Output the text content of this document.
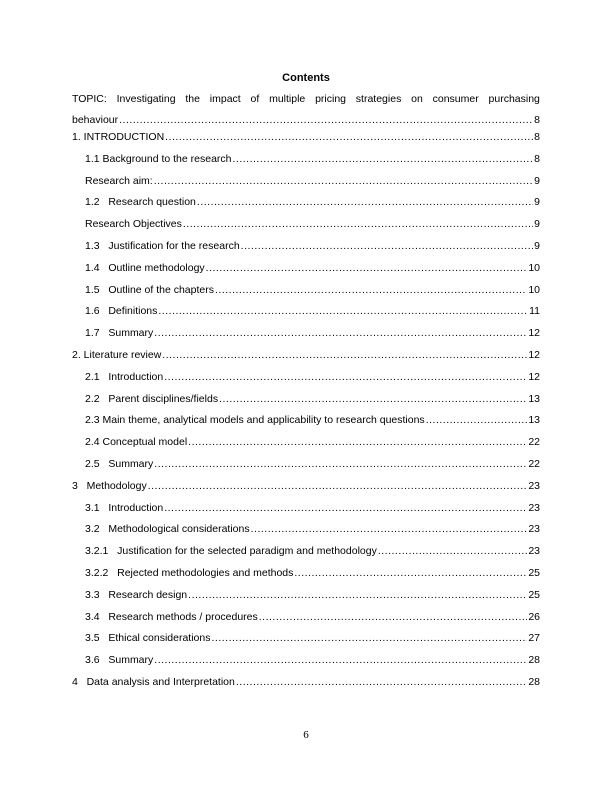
Contents
TOPIC: Investigating the impact of multiple pricing strategies on consumer purchasing
behaviour .....	8
1. INTRODUCTION .....	8
1.1 Background to the research .....	8
Research aim: .....	9
1.2   Research question .....	9
Research Objectives .....	9
1.3   Justification for the research .....	9
1.4   Outline methodology .....	10
1.5   Outline of the chapters .....	10
1.6   Definitions .....	11
1.7   Summary .....	12
2. Literature review .....	12
2.1   Introduction .....	12
2.2   Parent disciplines/fields .....	13
2.3 Main theme, analytical models and applicability to research questions .....	13
2.4 Conceptual model .....	22
2.5   Summary .....	22
3   Methodology .....	23
3.1   Introduction .....	23
3.2   Methodological considerations .....	23
3.2.1   Justification for the selected paradigm and methodology .....	23
3.2.2   Rejected methodologies and methods .....	25
3.3   Research design .....	25
3.4   Research methods / procedures .....	26
3.5   Ethical considerations .....	27
3.6   Summary .....	28
4   Data analysis and Interpretation .....	28
6
